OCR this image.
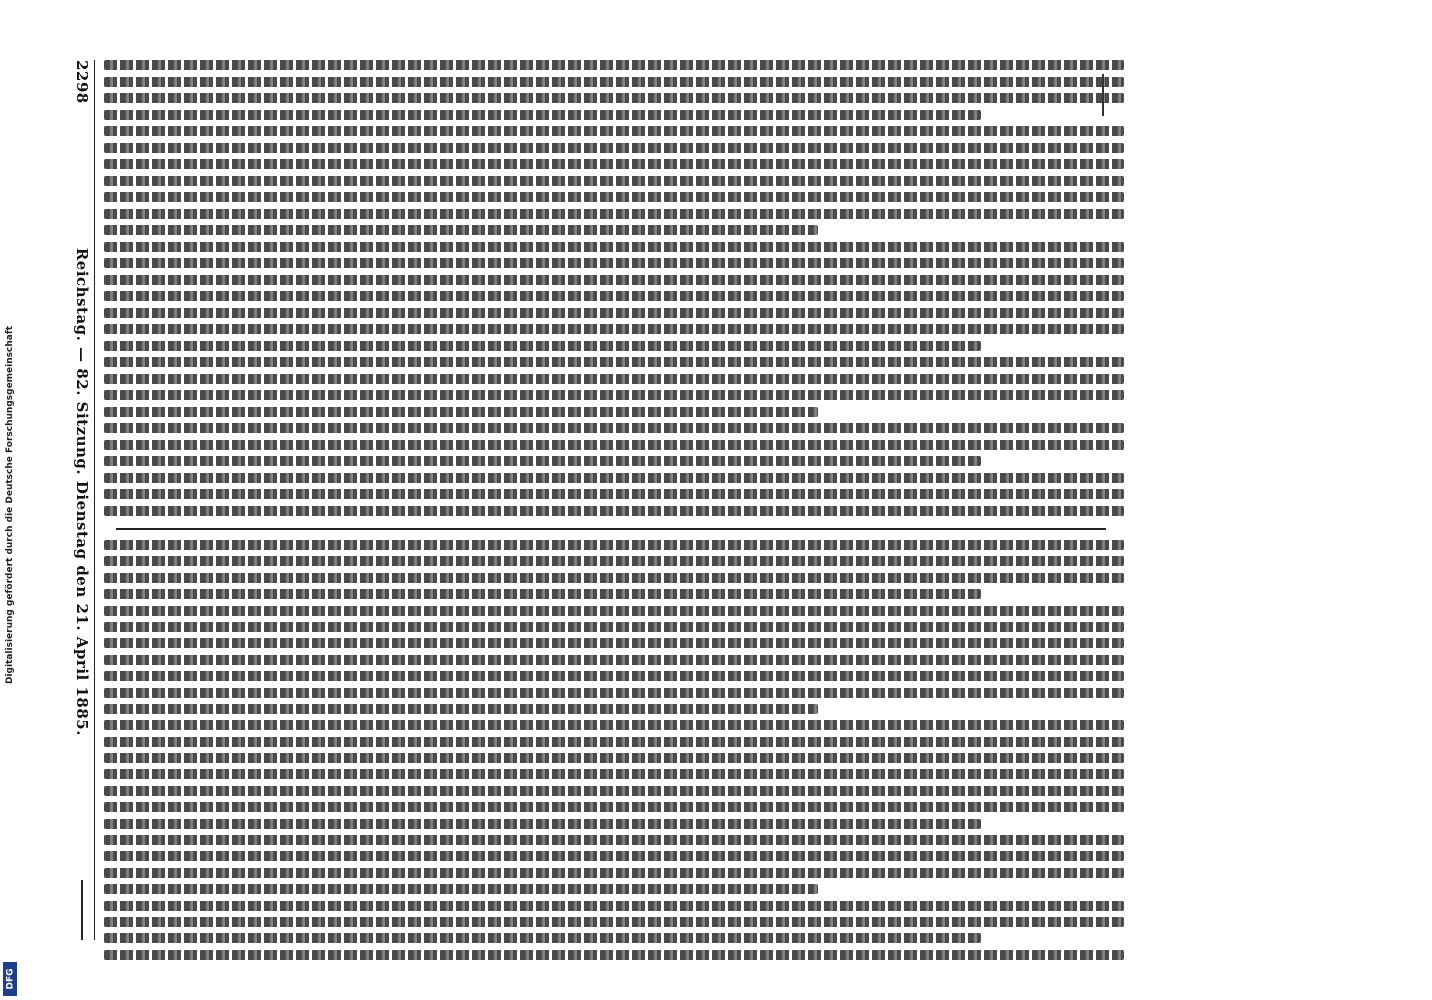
Digitalisierung gefördert durch die Deutsche Forschungsgemeinschaft
DFG
2298
Reichstag. — 82. Sitzung. Dienstag den 21. April 1885.
